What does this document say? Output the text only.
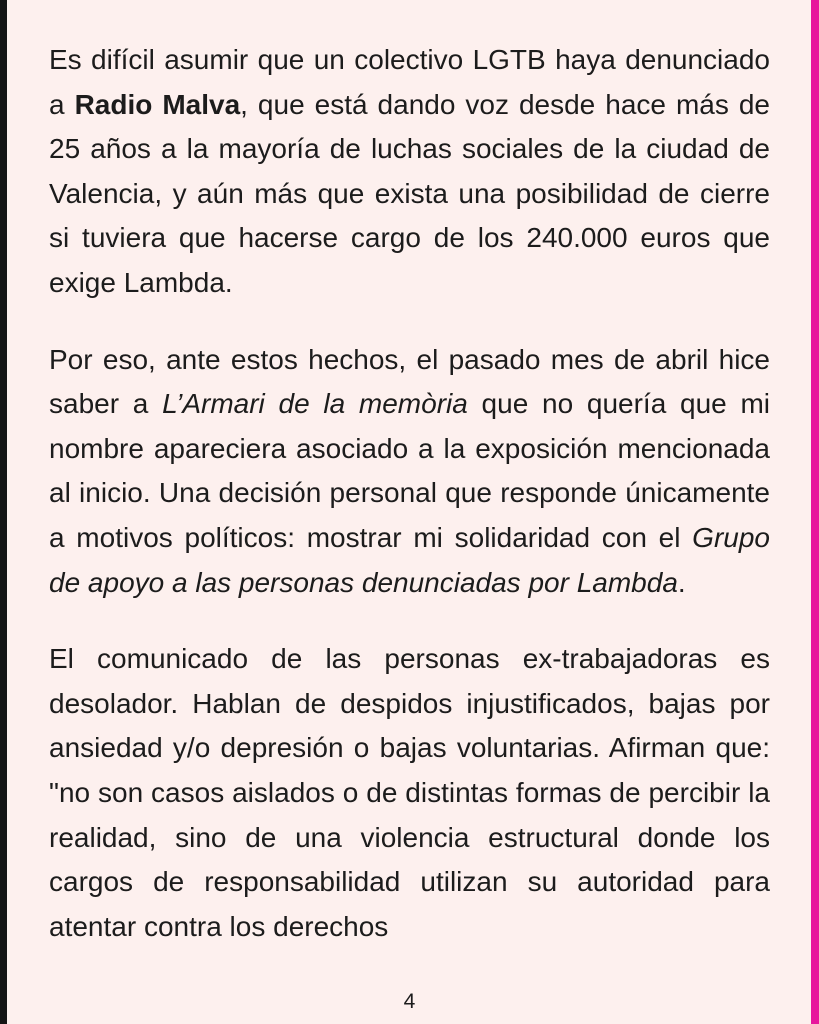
Es difícil asumir que un colectivo LGTB haya denunciado a Radio Malva, que está dando voz desde hace más de 25 años a la mayoría de luchas sociales de la ciudad de Valencia, y aún más que exista una posibilidad de cierre si tuviera que hacerse cargo de los 240.000 euros que exige Lambda.

Por eso, ante estos hechos, el pasado mes de abril hice saber a L’Armari de la memòria que no quería que mi nombre apareciera asociado a la exposición mencionada al inicio. Una decisión personal que responde únicamente a motivos políticos: mostrar mi solidaridad con el Grupo de apoyo a las personas denunciadas por Lambda.

El comunicado de las personas ex-trabajadoras es desolador. Hablan de despidos injustificados, bajas por ansiedad y/o depresión o bajas voluntarias. Afirman que: "no son casos aislados o de distintas formas de percibir la realidad, sino de una violencia estructural donde los cargos de responsabilidad utilizan su autoridad para atentar contra los derechos

4
